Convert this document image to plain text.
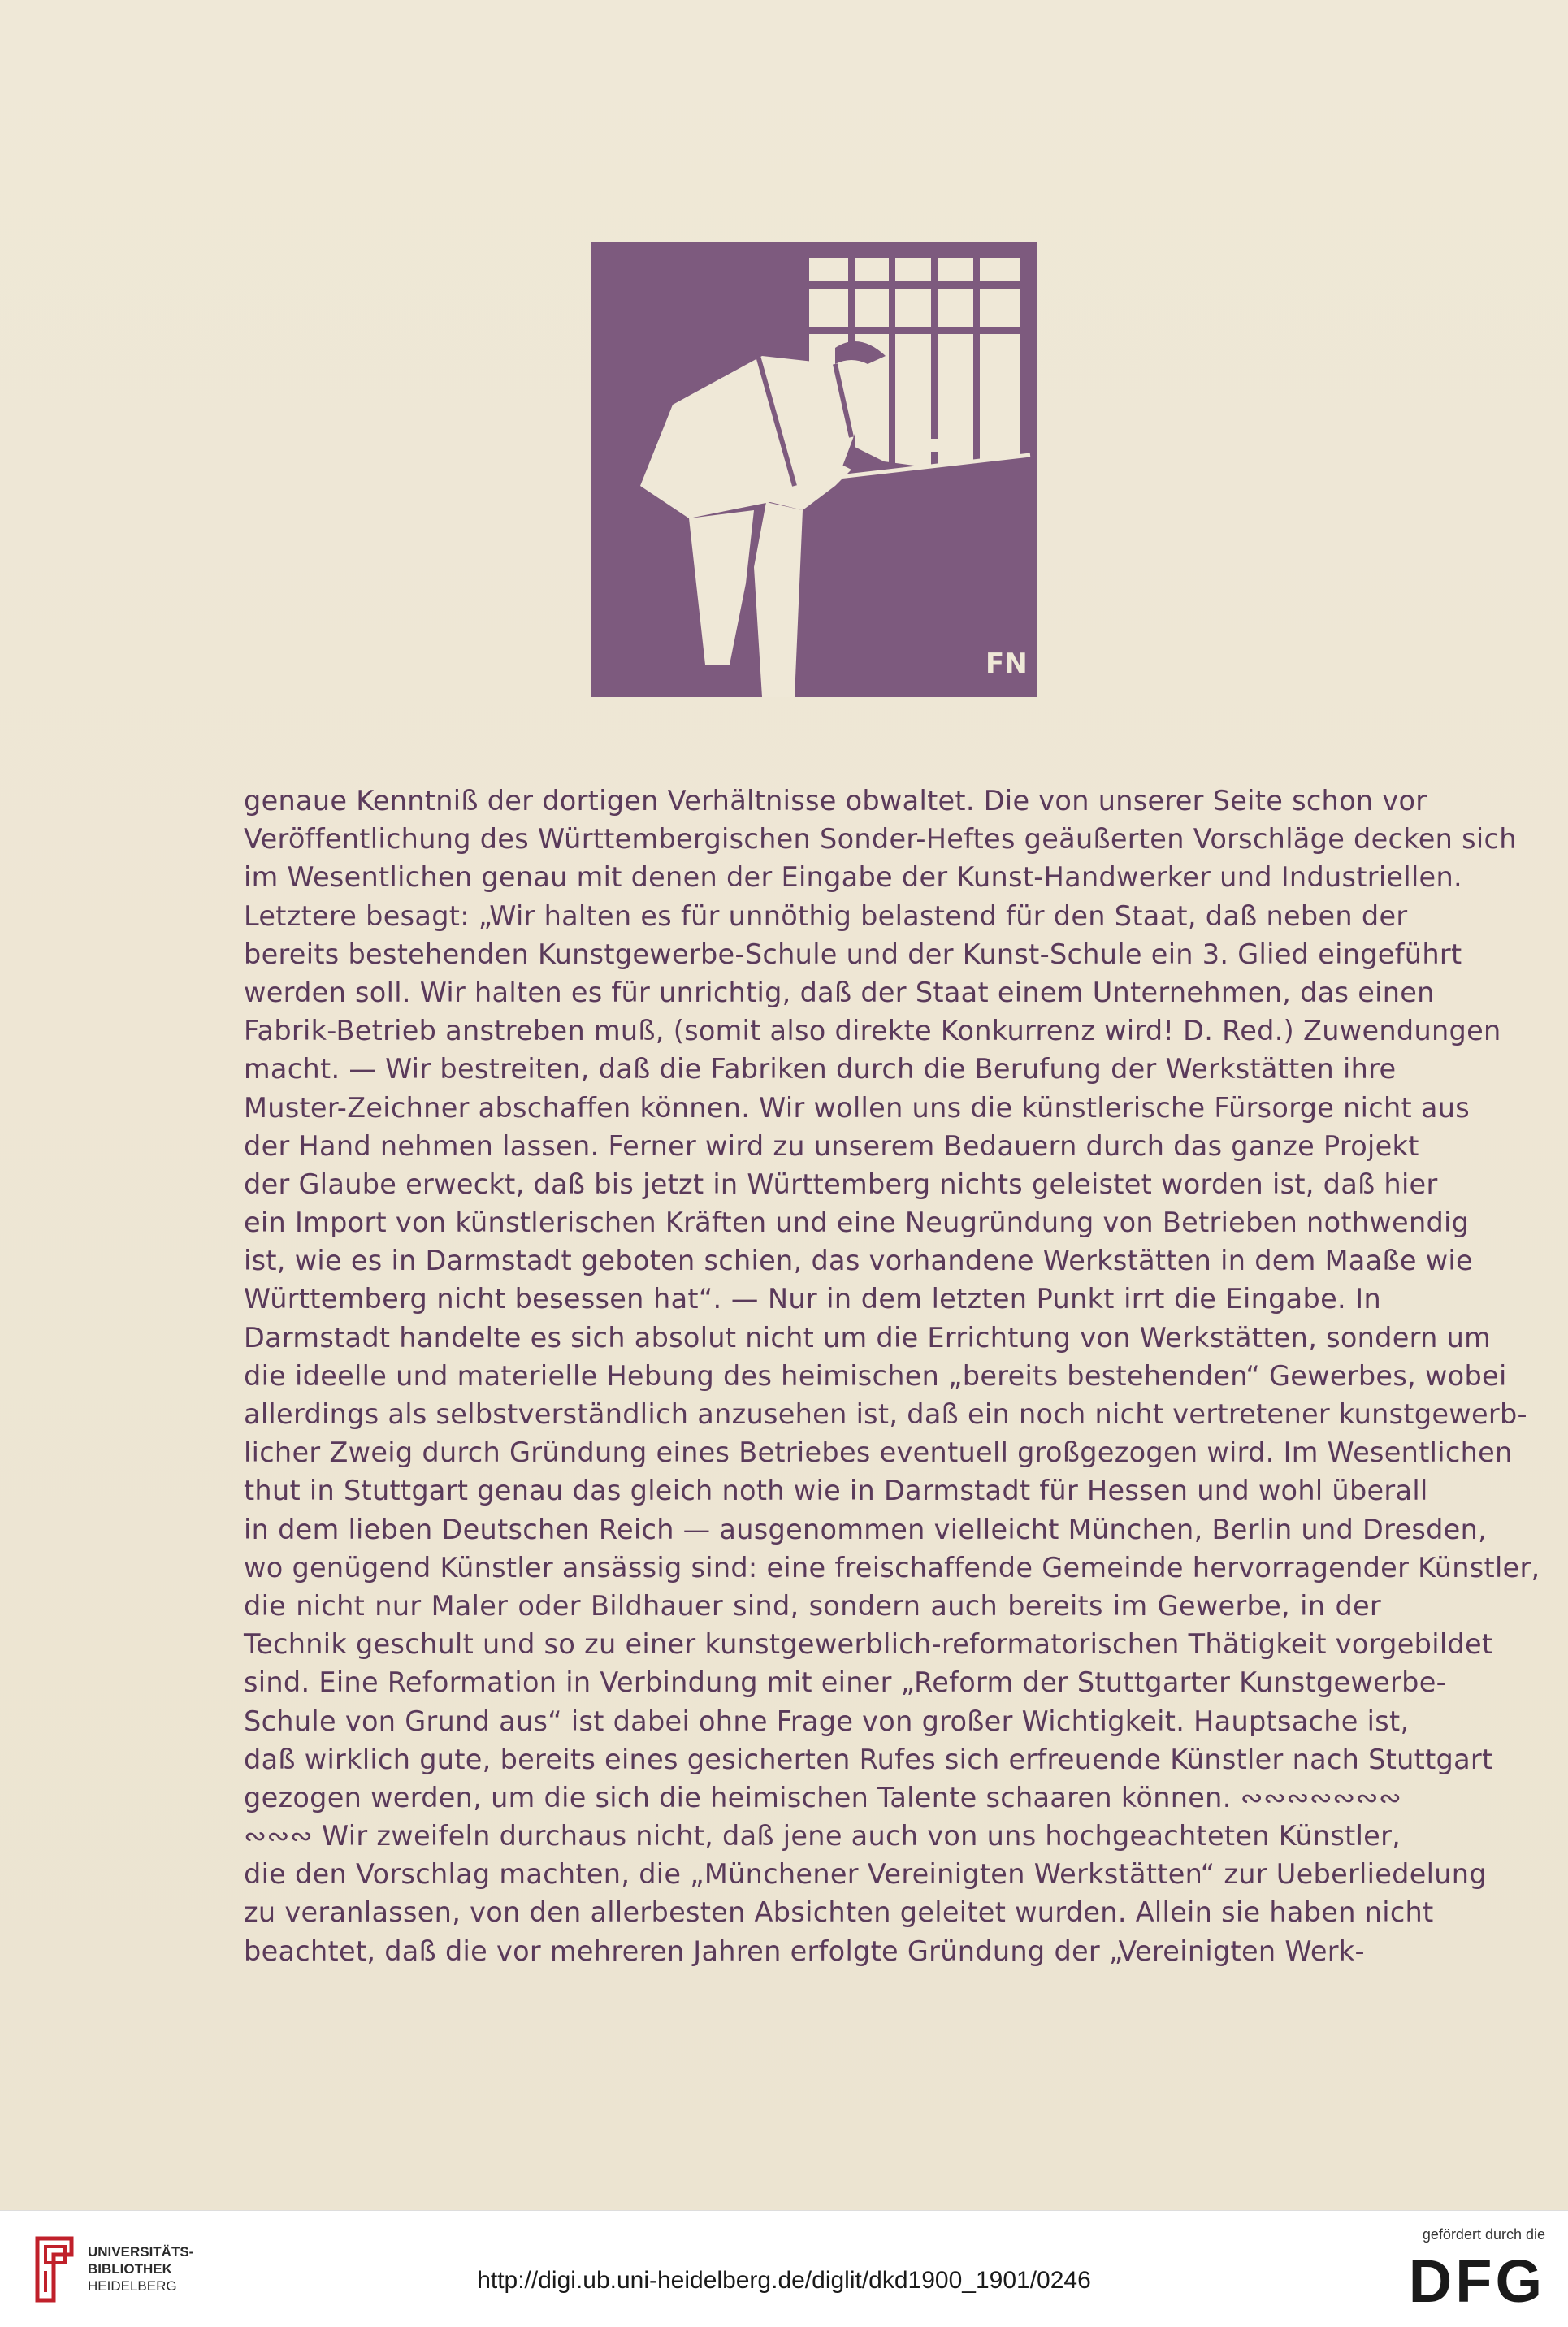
FN
genaue Kenntniß der dortigen Verhältnisse obwaltet. Die von unserer Seite schon vor
Veröffentlichung des Württembergischen Sonder-Heftes geäußerten Vorschläge decken sich
im Wesentlichen genau mit denen der Eingabe der Kunst-Handwerker und Industriellen.
Letztere besagt: „Wir halten es für unnöthig belastend für den Staat, daß neben der
bereits bestehenden Kunstgewerbe-Schule und der Kunst-Schule ein 3. Glied eingeführt
werden soll. Wir halten es für unrichtig, daß der Staat einem Unternehmen, das einen
Fabrik-Betrieb anstreben muß, (somit also direkte Konkurrenz wird! D. Red.) Zuwendungen
macht. — Wir bestreiten, daß die Fabriken durch die Berufung der Werkstätten ihre
Muster-Zeichner abschaffen können. Wir wollen uns die künstlerische Fürsorge nicht aus
der Hand nehmen lassen. Ferner wird zu unserem Bedauern durch das ganze Projekt
der Glaube erweckt, daß bis jetzt in Württemberg nichts geleistet worden ist, daß hier
ein Import von künstlerischen Kräften und eine Neugründung von Betrieben nothwendig
ist, wie es in Darmstadt geboten schien, das vorhandene Werkstätten in dem Maaße wie
Württemberg nicht besessen hat“. — Nur in dem letzten Punkt irrt die Eingabe. In
Darmstadt handelte es sich absolut nicht um die Errichtung von Werkstätten, sondern um
die ideelle und materielle Hebung des heimischen „bereits bestehenden“ Gewerbes, wobei
allerdings als selbstverständlich anzusehen ist, daß ein noch nicht vertretener kunstgewerb-
licher Zweig durch Gründung eines Betriebes eventuell großgezogen wird. Im Wesentlichen
thut in Stuttgart genau das gleich noth wie in Darmstadt für Hessen und wohl überall
in dem lieben Deutschen Reich — ausgenommen vielleicht München, Berlin und Dresden,
wo genügend Künstler ansässig sind: eine freischaffende Gemeinde hervorragender Künstler,
die nicht nur Maler oder Bildhauer sind, sondern auch bereits im Gewerbe, in der
Technik geschult und so zu einer kunstgewerblich-reformatorischen Thätigkeit vorgebildet
sind. Eine Reformation in Verbindung mit einer „Reform der Stuttgarter Kunstgewerbe-
Schule von Grund aus“ ist dabei ohne Frage von großer Wichtigkeit. Hauptsache ist,
daß wirklich gute, bereits eines gesicherten Rufes sich erfreuende Künstler nach Stuttgart
gezogen werden, um die sich die heimischen Talente schaaren können. ∾∾∾∾∾∾∾
∾∾∾ Wir zweifeln durchaus nicht, daß jene auch von uns hochgeachteten Künstler,
die den Vorschlag machten, die „Münchener Vereinigten Werkstätten“ zur Ueberliedelung
zu veranlassen, von den allerbesten Absichten geleitet wurden. Allein sie haben nicht
beachtet, daß die vor mehreren Jahren erfolgte Gründung der „Vereinigten Werk-
UNIVERSITÄTS-
BIBLIOTHEK
HEIDELBERG	http://digi.ub.uni-heidelberg.de/diglit/dkd1900_1901/0246
gefördert durch die
DFG
